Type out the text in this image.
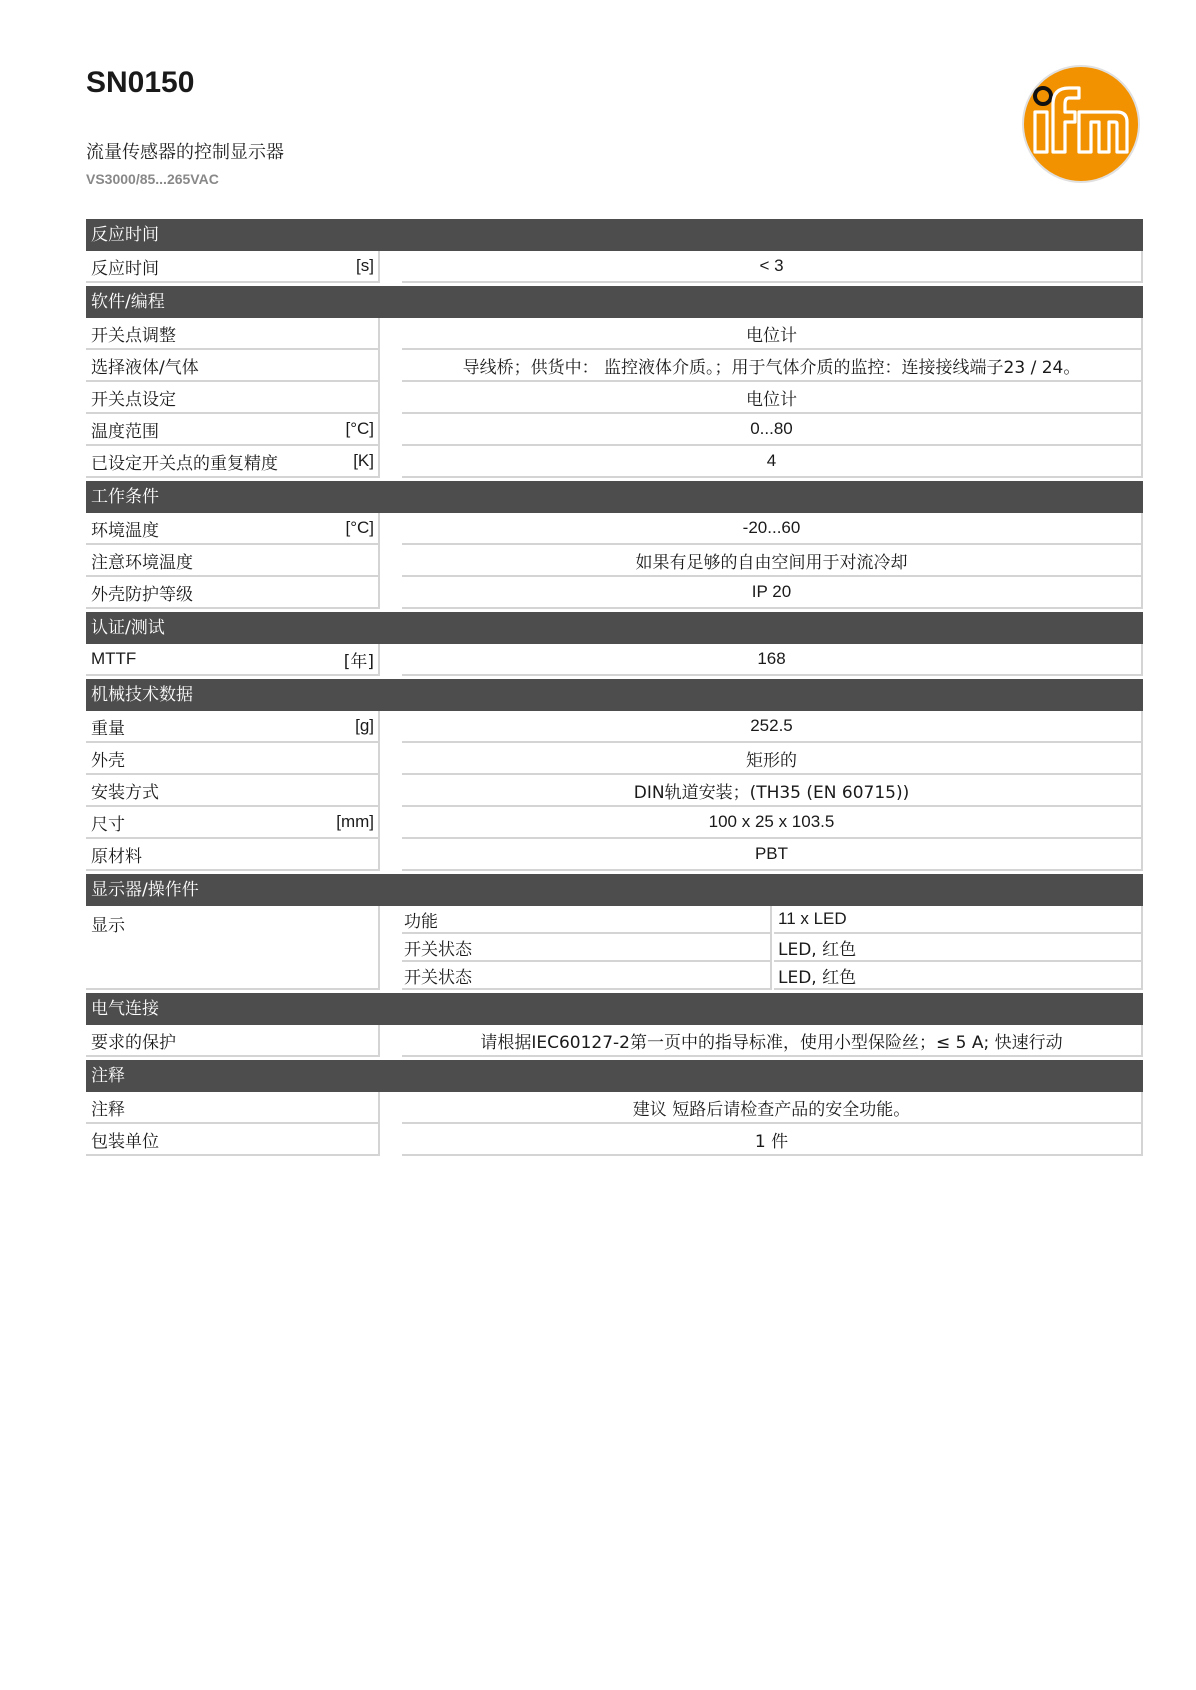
SN0150
流量传感器的控制显示器
VS3000/85...265VAC	ifm
反应时间
反应时间	[s]	< 3
软件/编程
开关点调整	电位计
选择液体/气体	导线桥；供货中： 监控液体介质。；用于气体介质的监控：连接接线端子23 / 24。
开关点设定	电位计
温度范围	[°C]	0...80
已设定开关点的重复精度	[K]	4
工作条件
环境温度	[°C]	-20...60
注意环境温度	如果有足够的自由空间用于对流冷却
外壳防护等级	IP 20
认证/测试
MTTF	[年]	168
机械技术数据
重量	[g]	252.5
外壳	矩形的
安装方式	DIN轨道安装；(TH35 (EN 60715))
尺寸	[mm]	100 x 25 x 103.5
原材料	PBT
显示器/操作件
显示	功能	11 x LED
开关状态	LED, 红色
开关状态	LED, 红色
电气连接
要求的保护	请根据IEC60127-2第一页中的指导标准，使用小型保险丝；≤ 5 A; 快速行动
注释
注释	建议 短路后请检查产品的安全功能。
包装单位	1 件
